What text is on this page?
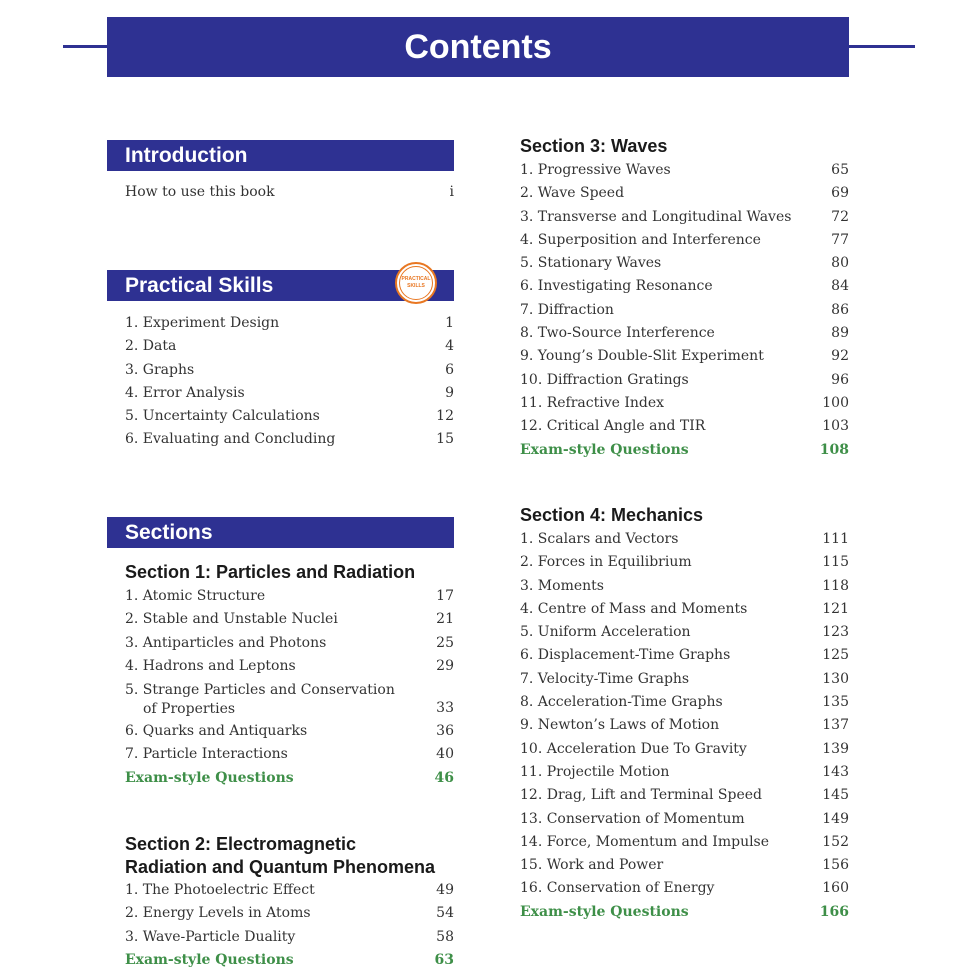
Contents
Introduction
How to use this book	i
Practical Skills	PRACTICAL
SKILLS
1. Experiment Design	1
2. Data	4
3. Graphs	6
4. Error Analysis	9
5. Uncertainty Calculations	12
6. Evaluating and Concluding	15
Sections
Section 1: Particles and Radiation
1. Atomic Structure	17
2. Stable and Unstable Nuclei	21
3. Antiparticles and Photons	25
4. Hadrons and Leptons	29
5. Strange Particles and Conservation
of Properties	33
6. Quarks and Antiquarks	36
7. Particle Interactions	40
Exam-style Questions	46
Section 2: Electromagnetic
Radiation and Quantum Phenomena
1. The Photoelectric Effect	49
2. Energy Levels in Atoms	54
3. Wave-Particle Duality	58
Exam-style Questions	63
Section 3: Waves
1. Progressive Waves	65
2. Wave Speed	69
3. Transverse and Longitudinal Waves	72
4. Superposition and Interference	77
5. Stationary Waves	80
6. Investigating Resonance	84
7. Diffraction	86
8. Two-Source Interference	89
9. Young’s Double-Slit Experiment	92
10. Diffraction Gratings	96
11. Refractive Index	100
12. Critical Angle and TIR	103
Exam-style Questions	108
Section 4: Mechanics
1. Scalars and Vectors	111
2. Forces in Equilibrium	115
3. Moments	118
4. Centre of Mass and Moments	121
5. Uniform Acceleration	123
6. Displacement-Time Graphs	125
7. Velocity-Time Graphs	130
8. Acceleration-Time Graphs	135
9. Newton’s Laws of Motion	137
10. Acceleration Due To Gravity	139
11. Projectile Motion	143
12. Drag, Lift and Terminal Speed	145
13. Conservation of Momentum	149
14. Force, Momentum and Impulse	152
15. Work and Power	156
16. Conservation of Energy	160
Exam-style Questions	166
